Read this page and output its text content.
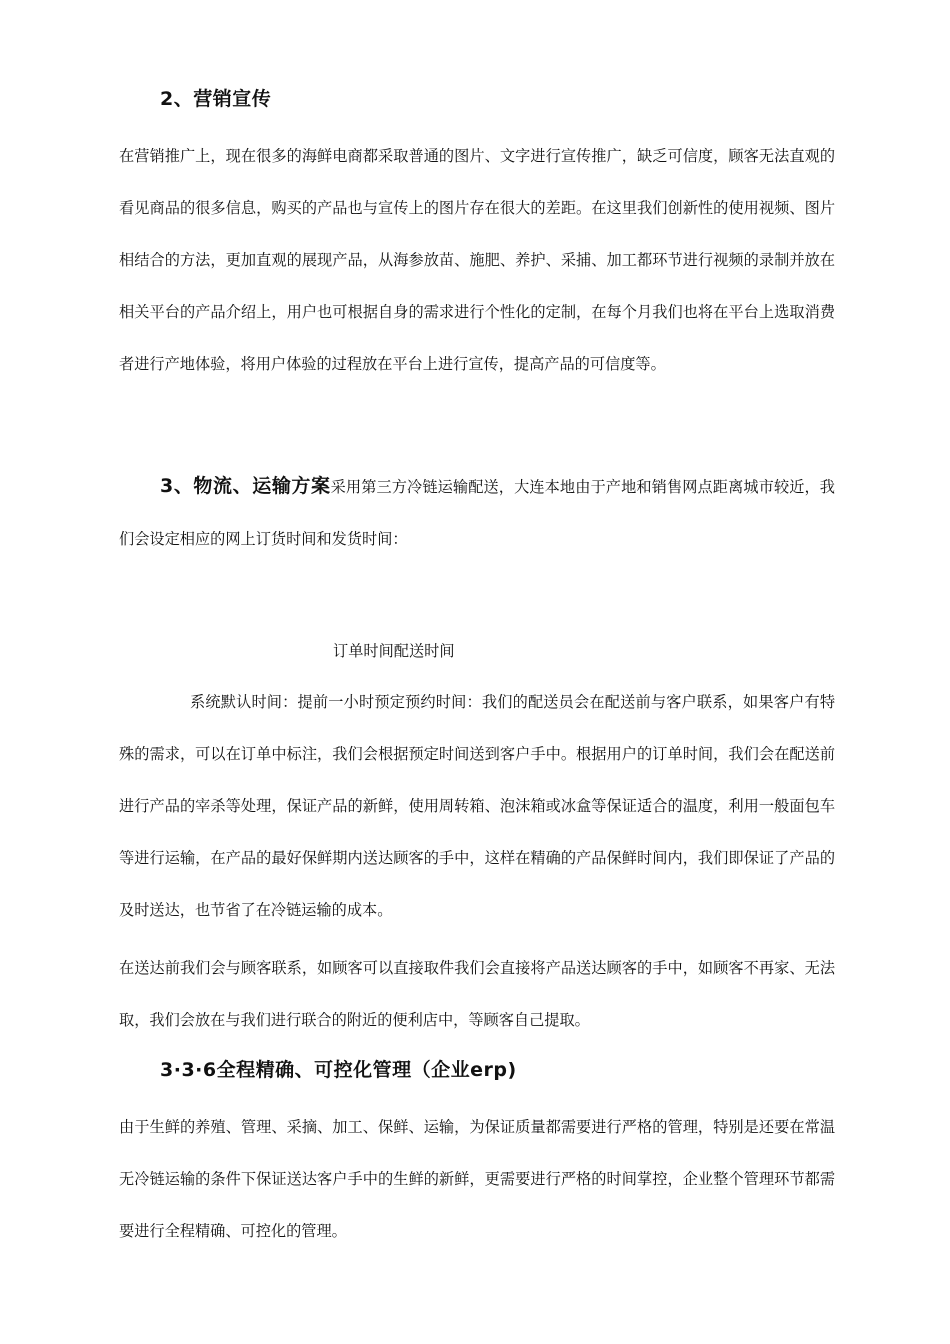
2、营销宣传

在营销推广上，现在很多的海鲜电商都采取普通的图片、文字进行宣传推广，缺乏可信度，顾客无法直观的看见商品的很多信息，购买的产品也与宣传上的图片存在很大的差距。在这里我们创新性的使用视频、图片相结合的方法，更加直观的展现产品，从海参放苗、施肥、养护、采捕、加工都环节进行视频的录制并放在相关平台的产品介绍上，用户也可根据自身的需求进行个性化的定制，在每个月我们也将在平台上选取消费者进行产地体验，将用户体验的过程放在平台上进行宣传，提高产品的可信度等。

3、物流、运输方案采用第三方冷链运输配送，大连本地由于产地和销售网点距离城市较近，我们会设定相应的网上订货时间和发货时间：

订单时间配送时间

系统默认时间：提前一小时预定预约时间：我们的配送员会在配送前与客户联系，如果客户有特殊的需求，可以在订单中标注，我们会根据预定时间送到客户手中。根据用户的订单时间，我们会在配送前进行产品的宰杀等处理，保证产品的新鲜，使用周转箱、泡沫箱或冰盒等保证适合的温度，利用一般面包车等进行运输，在产品的最好保鲜期内送达顾客的手中，这样在精确的产品保鲜时间内，我们即保证了产品的及时送达，也节省了在冷链运输的成本。

在送达前我们会与顾客联系，如顾客可以直接取件我们会直接将产品送达顾客的手中，如顾客不再家、无法取，我们会放在与我们进行联合的附近的便利店中，等顾客自己提取。

3·3·6全程精确、可控化管理（企业erp)

由于生鲜的养殖、管理、采摘、加工、保鲜、运输，为保证质量都需要进行严格的管理，特别是还要在常温无冷链运输的条件下保证送达客户手中的生鲜的新鲜，更需要进行严格的时间掌控，企业整个管理环节都需要进行全程精确、可控化的管理。
